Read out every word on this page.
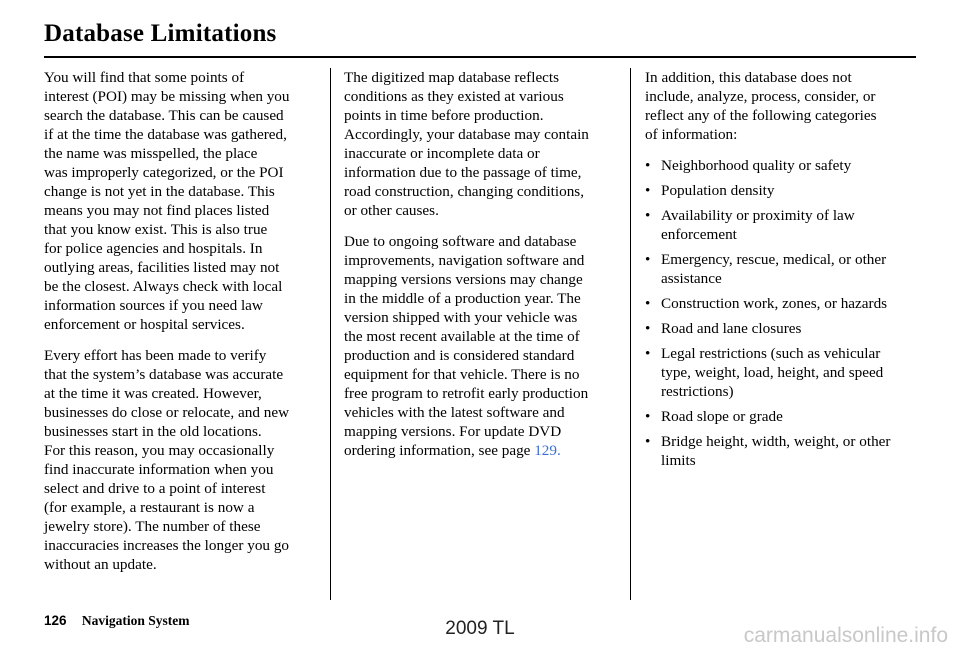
Database Limitations

You will find that some points of
interest (POI) may be missing when you
search the database. This can be caused
if at the time the database was gathered,
the name was misspelled, the place
was improperly categorized, or the POI
change is not yet in the database. This
means you may not find places listed
that you know exist. This is also true
for police agencies and hospitals. In
outlying areas, facilities listed may not
be the closest. Always check with local
information sources if you need law
enforcement or hospital services.

Every effort has been made to verify
that the system’s database was accurate
at the time it was created. However,
businesses do close or relocate, and new
businesses start in the old locations.
For this reason, you may occasionally
find inaccurate information when you
select and drive to a point of interest
(for example, a restaurant is now a
jewelry store). The number of these
inaccuracies increases the longer you go
without an update.

The digitized map database reflects
conditions as they existed at various
points in time before production.
Accordingly, your database may contain
inaccurate or incomplete data or
information due to the passage of time,
road construction, changing conditions,
or other causes.

Due to ongoing software and database
improvements, navigation software and
mapping versions versions may change
in the middle of a production year. The
version shipped with your vehicle was
the most recent available at the time of
production and is considered standard
equipment for that vehicle. There is no
free program to retrofit early production
vehicles with the latest software and
mapping versions. For update DVD
ordering information, see page 129.

In addition, this database does not
include, analyze, process, consider, or
reflect any of the following categories
of information:

• Neighborhood quality or safety
• Population density
• Availability or proximity of law
enforcement
• Emergency, rescue, medical, or other
assistance
• Construction work, zones, or hazards
• Road and lane closures
• Legal restrictions (such as vehicular
type, weight, load, height, and speed
restrictions)
• Road slope or grade
• Bridge height, width, weight, or other
limits
126 Navigation System	2009 TL	carmanualsonline.info
